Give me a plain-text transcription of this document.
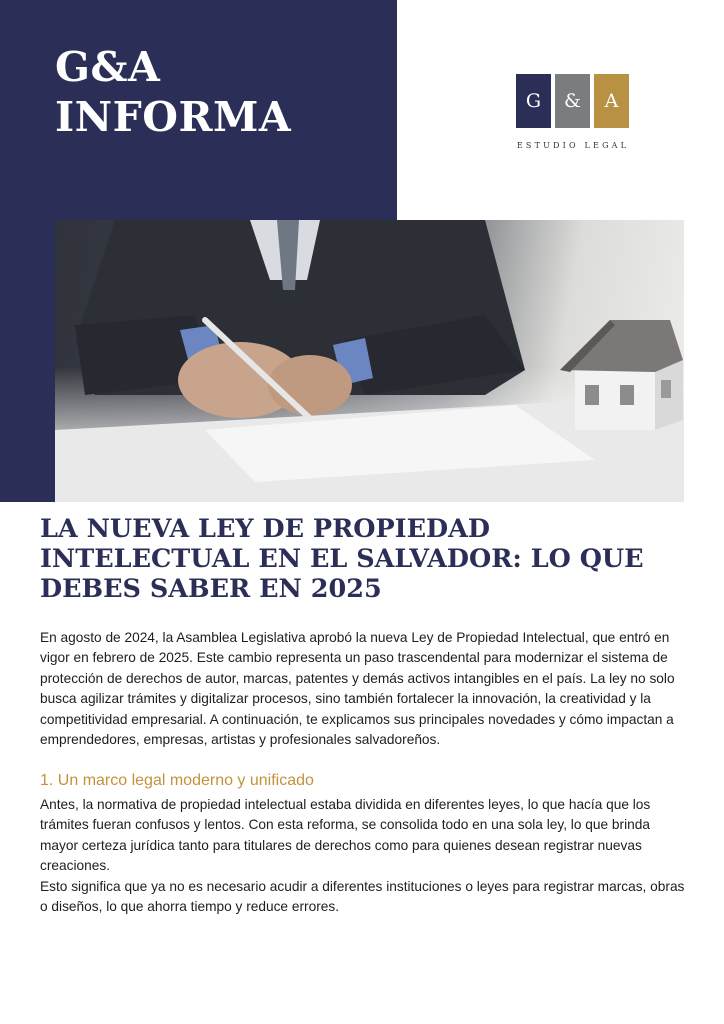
G&A
INFORMA	G	&	A
ESTUDIO LEGAL
LA NUEVA LEY DE PROPIEDAD INTELECTUAL EN EL SALVADOR: LO QUE DEBES SABER EN 2025

En agosto de 2024, la Asamblea Legislativa aprobó la nueva Ley de Propiedad Intelectual, que entró en vigor en febrero de 2025. Este cambio representa un paso trascendental para modernizar el sistema de protección de derechos de autor, marcas, patentes y demás activos intangibles en el país. La ley no solo busca agilizar trámites y digitalizar procesos, sino también fortalecer la innovación, la creatividad y la competitividad empresarial. A continuación, te explicamos sus principales novedades y cómo impactan a emprendedores, empresas, artistas y profesionales salvadoreños.

1. Un marco legal moderno y unificado

Antes, la normativa de propiedad intelectual estaba dividida en diferentes leyes, lo que hacía que los trámites fueran confusos y lentos. Con esta reforma, se consolida todo en una sola ley, lo que brinda mayor certeza jurídica tanto para titulares de derechos como para quienes desean registrar nuevas creaciones.

Esto significa que ya no es necesario acudir a diferentes instituciones o leyes para registrar marcas, obras o diseños, lo que ahorra tiempo y reduce errores.
